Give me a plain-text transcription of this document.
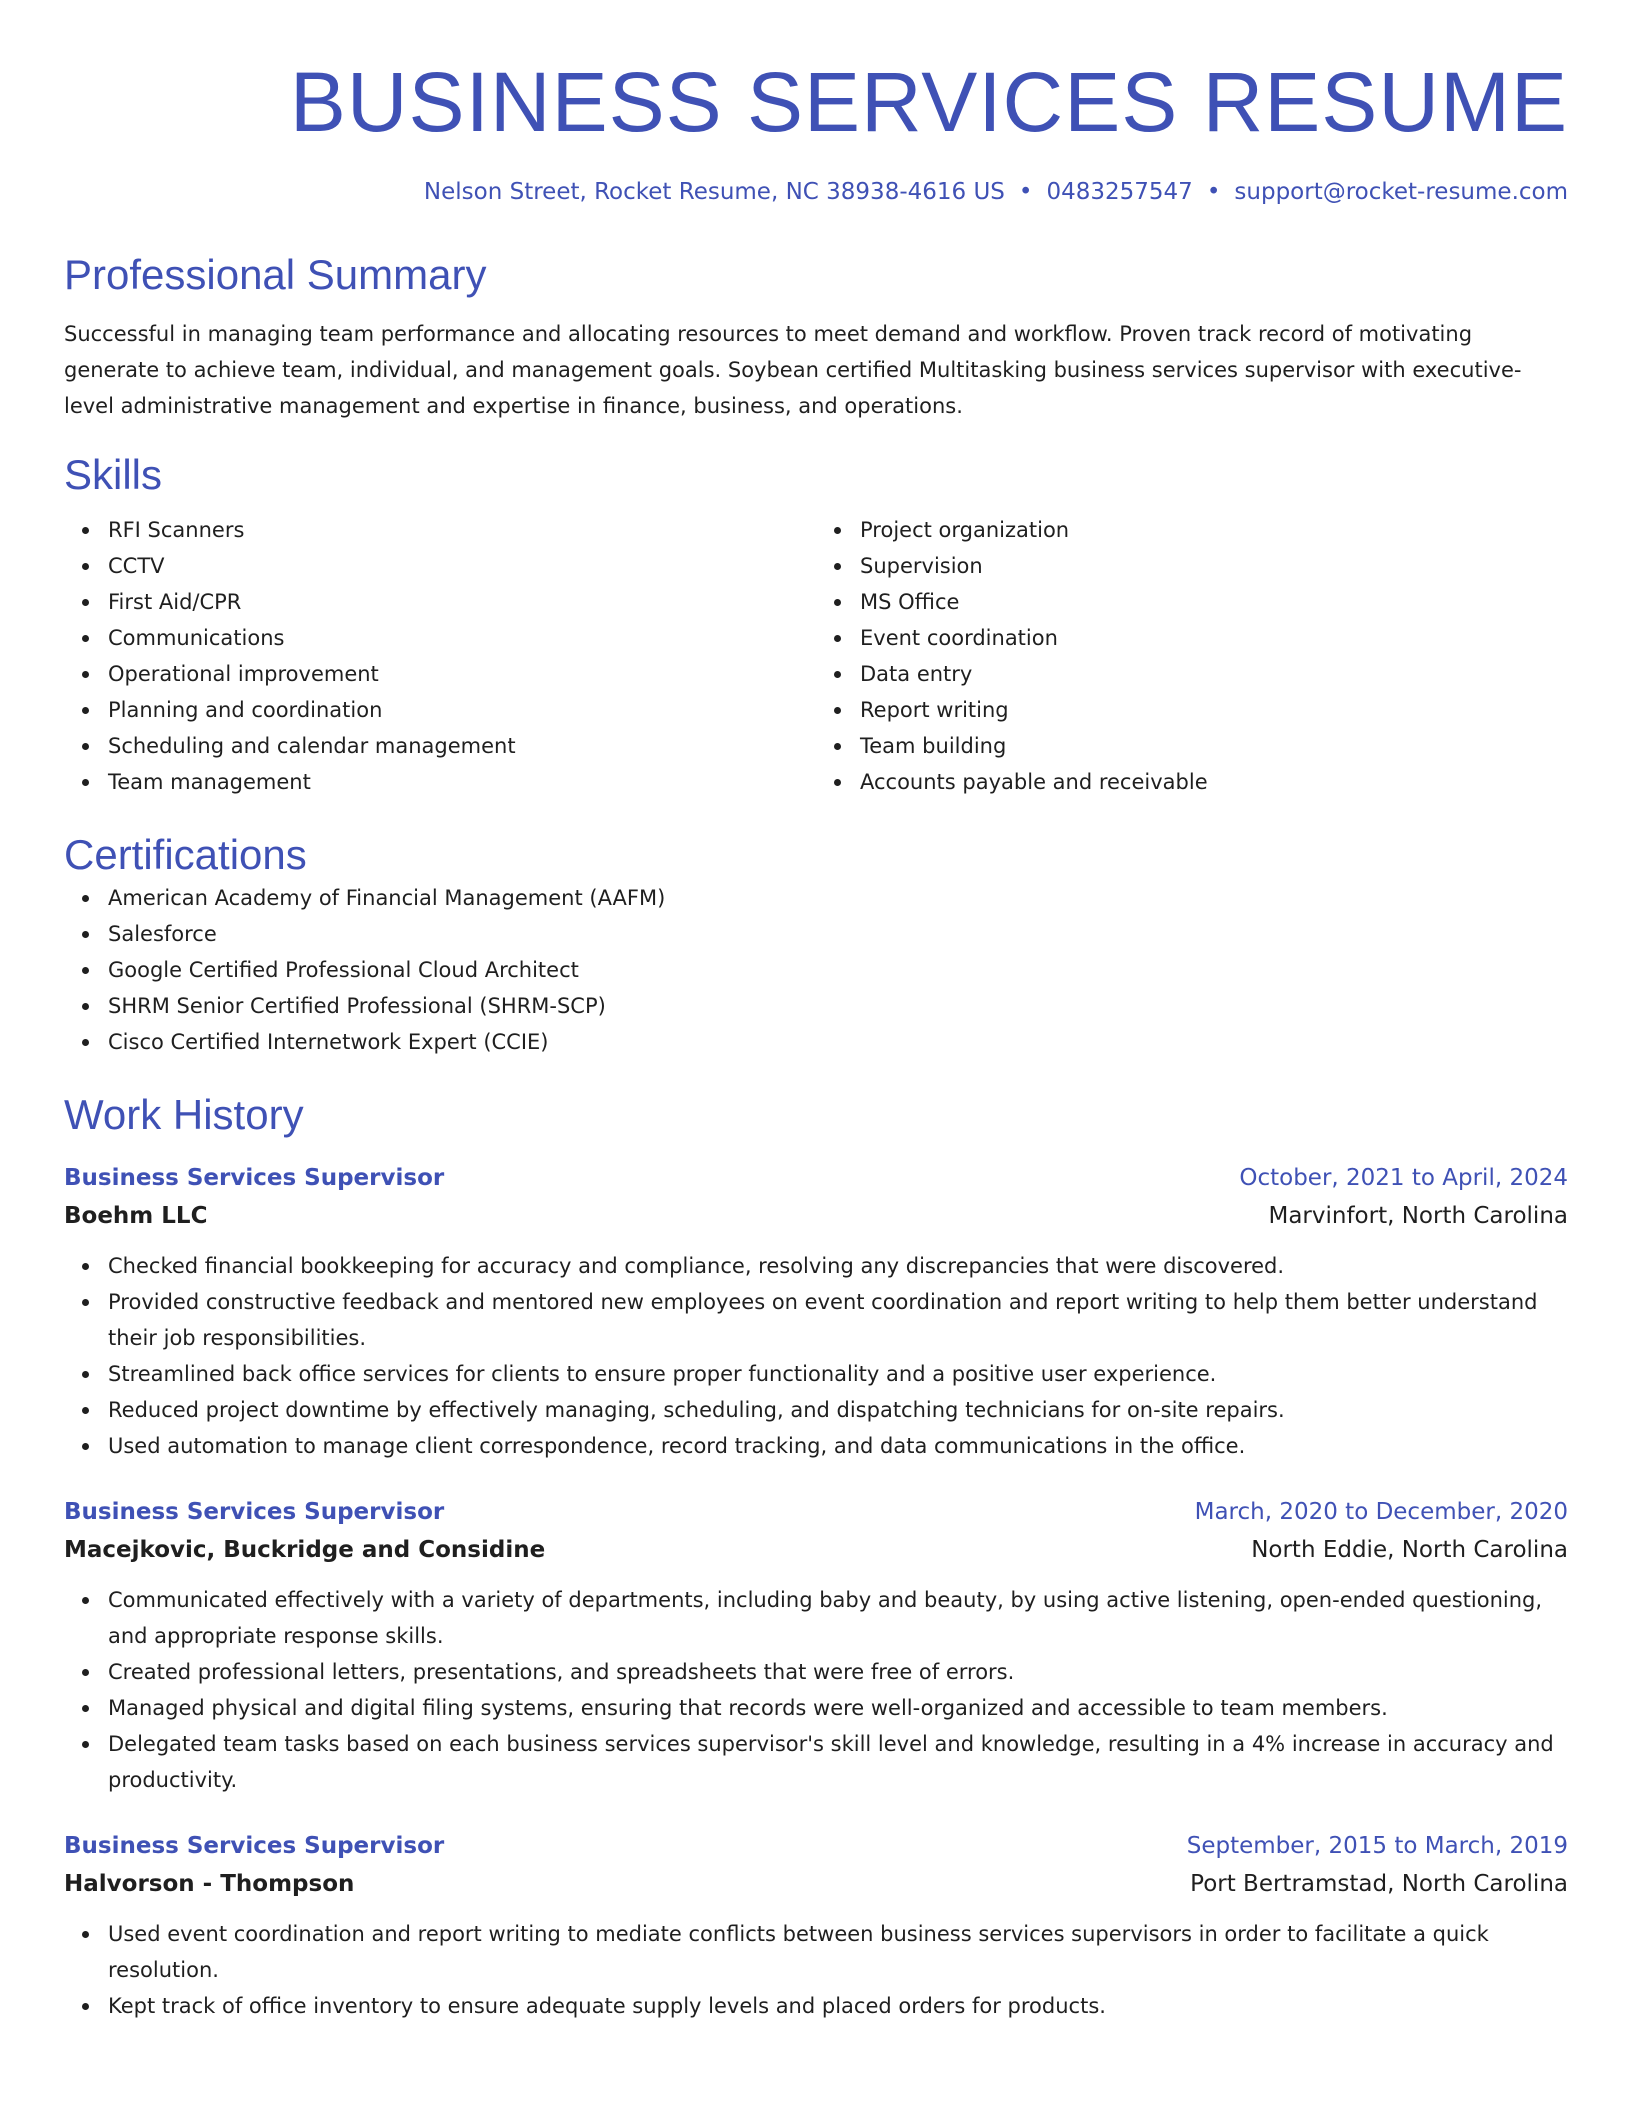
BUSINESS SERVICES RESUME
Nelson Street, Rocket Resume, NC 38938-4616 US • 0483257547 • support@rocket-resume.com
Professional Summary

Successful in managing team performance and allocating resources to meet demand and workflow. Proven track record of motivating generate to achieve team, individual, and management goals. Soybean certified Multitasking business services supervisor with executive-level administrative management and expertise in finance, business, and operations.

Skills
RFI Scanners
CCTV
First Aid/CPR
Communications
Operational improvement
Planning and coordination
Scheduling and calendar management
Team management
Project organization
Supervision
MS Office
Event coordination
Data entry
Report writing
Team building
Accounts payable and receivable
Certifications
American Academy of Financial Management (AAFM)
Salesforce
Google Certified Professional Cloud Architect
SHRM Senior Certified Professional (SHRM-SCP)
Cisco Certified Internetwork Expert (CCIE)
Work History
Business Services Supervisor	October, 2021 to April, 2024
Boehm LLC	Marvinfort, North Carolina
Checked financial bookkeeping for accuracy and compliance, resolving any discrepancies that were discovered.
Provided constructive feedback and mentored new employees on event coordination and report writing to help them better understand their job responsibilities.
Streamlined back office services for clients to ensure proper functionality and a positive user experience.
Reduced project downtime by effectively managing, scheduling, and dispatching technicians for on-site repairs.
Used automation to manage client correspondence, record tracking, and data communications in the office.
Business Services Supervisor	March, 2020 to December, 2020
Macejkovic, Buckridge and Considine	North Eddie, North Carolina
Communicated effectively with a variety of departments, including baby and beauty, by using active listening, open-ended questioning, and appropriate response skills.
Created professional letters, presentations, and spreadsheets that were free of errors.
Managed physical and digital filing systems, ensuring that records were well-organized and accessible to team members.
Delegated team tasks based on each business services supervisor's skill level and knowledge, resulting in a 4% increase in accuracy and productivity.
Business Services Supervisor	September, 2015 to March, 2019
Halvorson - Thompson	Port Bertramstad, North Carolina
Used event coordination and report writing to mediate conflicts between business services supervisors in order to facilitate a quick resolution.
Kept track of office inventory to ensure adequate supply levels and placed orders for products.
